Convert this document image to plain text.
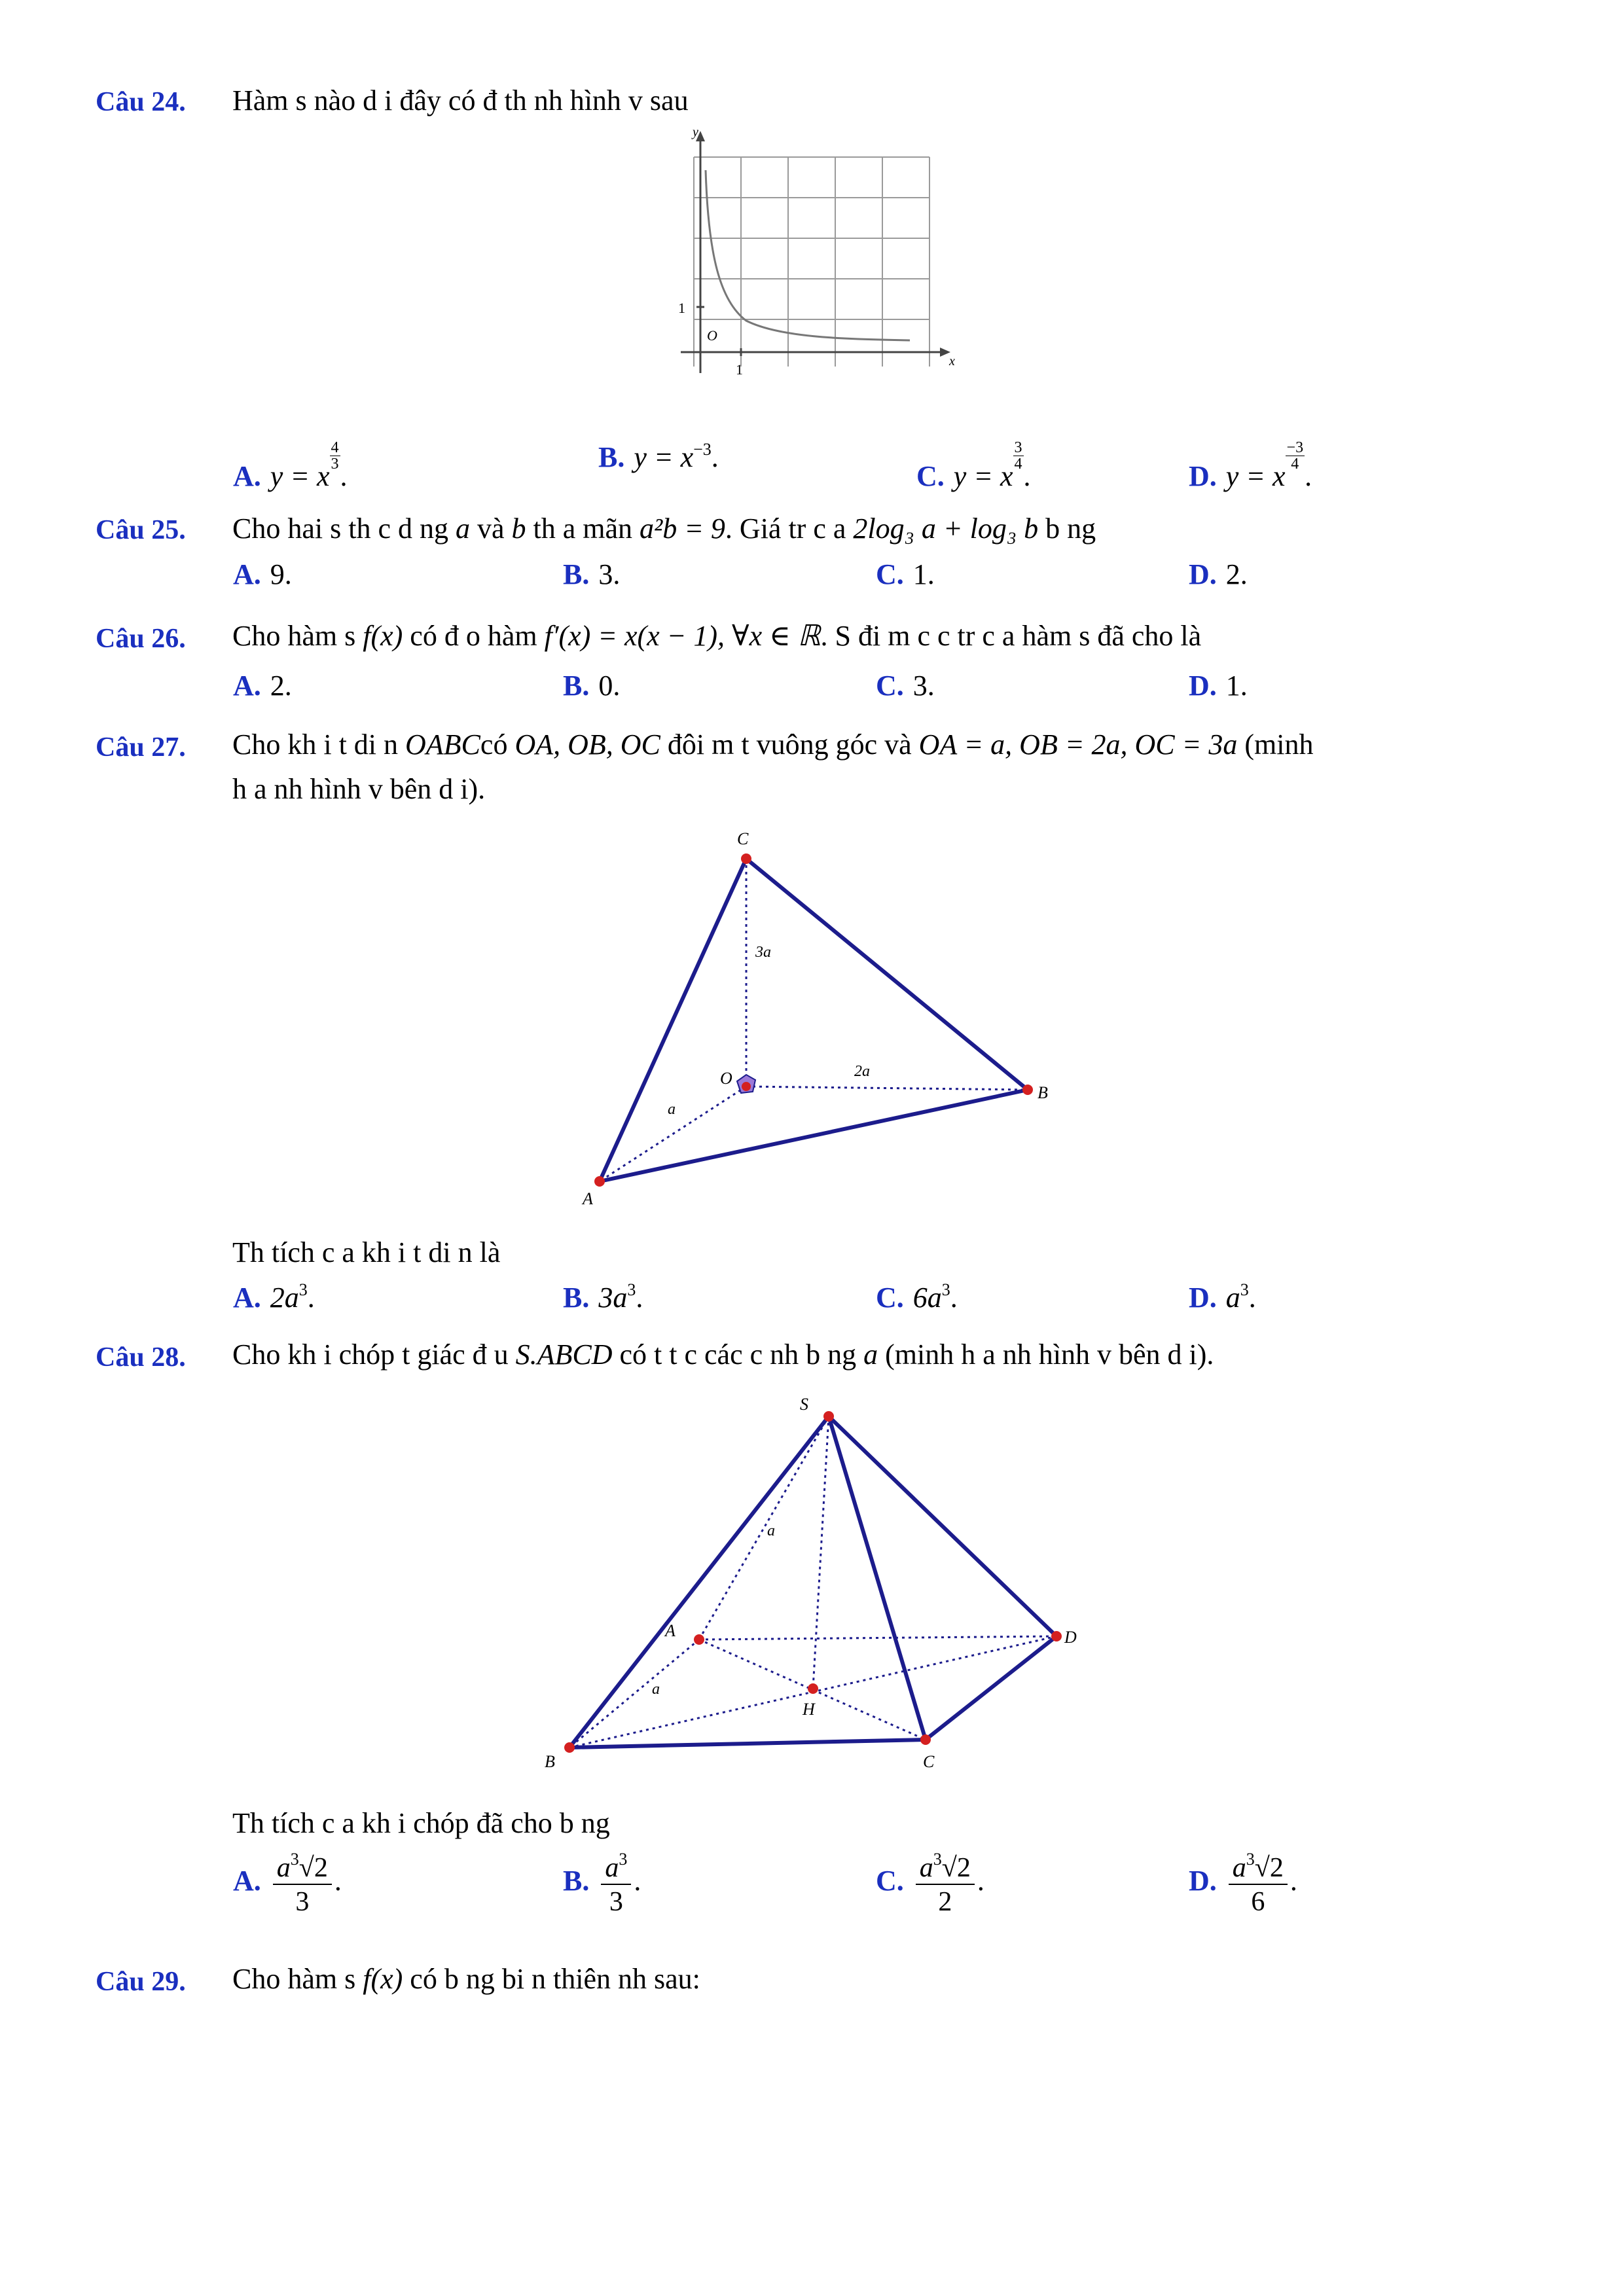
Câu 24. Hàm s nào d i đây có đ th nh hình v sau
y
x
1
1
O
A. y = x
$\frac{4}{3}$
.
B. $y = x^{-3}$.
C. y = x
$\frac{3}{4}$
.	D. y = x
$\frac{-3}{4}$
.
Câu 25. Cho hai s th c d ng a và b th a mãn a²b = 9. Giá tr c a 2log₃ a + log₃ b b ng
A. 9.	B. 3.	C. 1.	D. 2.
Câu 26. Cho hàm s f(x) có đ o hàm f′(x) = x(x − 1), ∀x ∈ ℝ. S đi m c c tr c a hàm s đã cho là
A. 2.	B. 0.	C. 3.	D. 1.
Câu 27. Cho kh i t di n OABCcó OA, OB, OC đôi m t vuông góc và OA = a, OB = 2a, OC = 3a (minh
h a nh hình v bên d i).
C
B
A
O
3a
2a
a
Th tích c a kh i t di n là
A. $2a^3$.	B. $3a^3$.	C. $6a^3$.	D. $a^3$.
Câu 28. Cho kh i chóp t giác đ u S.ABCD có t t c các c nh b ng a (minh h a nh hình v bên d i).
S
A
B	C
D
H
a
a
Th tích c a kh i chóp đã cho b ng
A. $\frac{a^3√2}{3}$ .	B. $\frac{a^3}{3}$ .	C. $\frac{a^3√2}{2}$ .	D. $\frac{a^3√2}{6}$ .
Câu 29. Cho hàm s f(x) có b ng bi n thiên nh sau:
